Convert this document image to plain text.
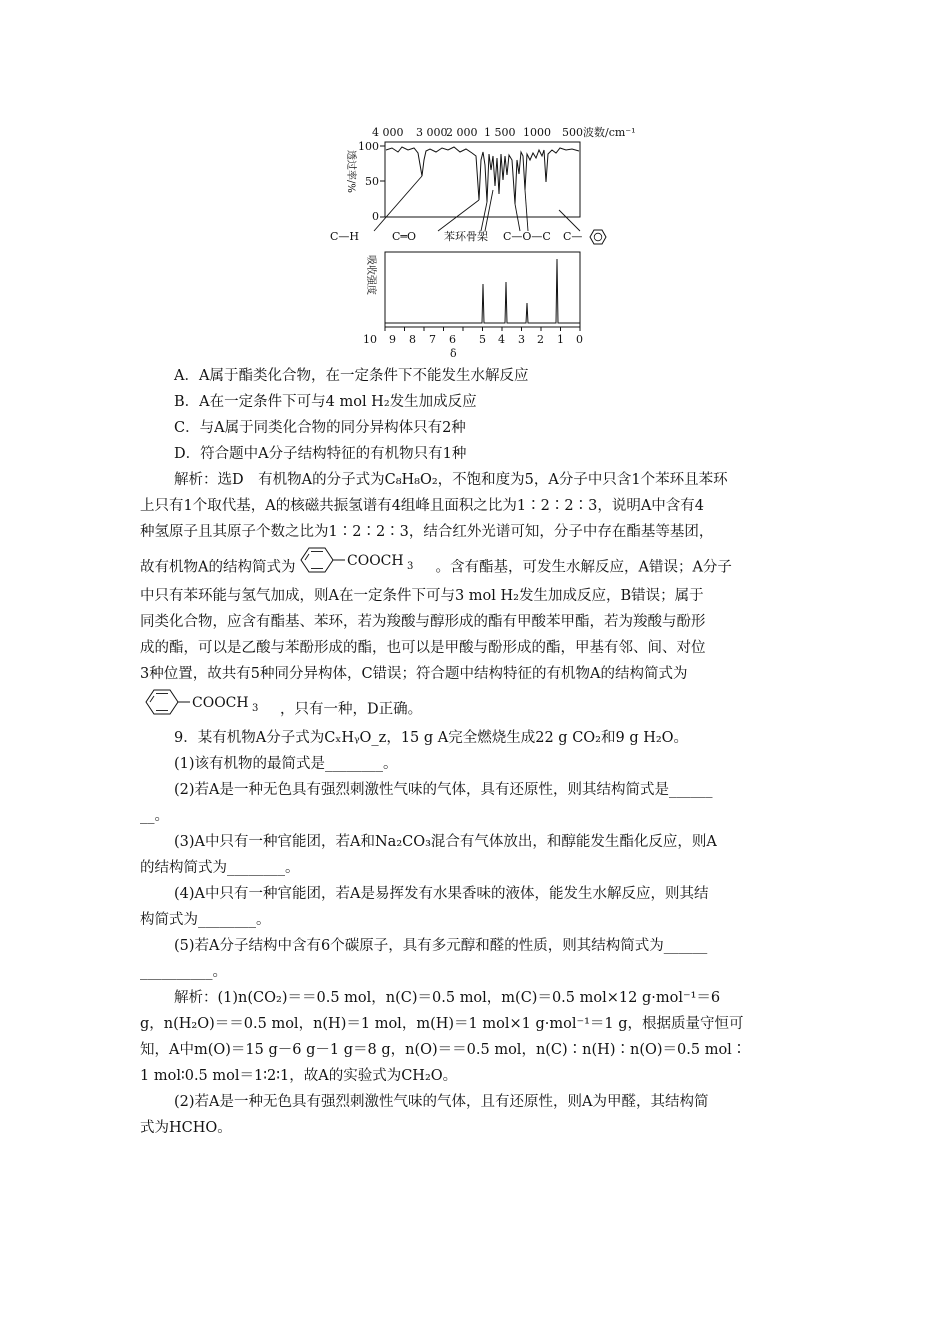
4 000 3 000
2 000 1 500 1000 500 波数/cm⁻¹
透过率/%
100
50
0
C—H	C═O	苯环骨架 C—O—C C—
吸收强度
10 9 8 7 6 5 4 3 2 1 0
δ

A．A属于酯类化合物，在一定条件下不能发生水解反应

B．A在一定条件下可与4 mol H₂发生加成反应

C．与A属于同类化合物的同分异构体只有2种

D．符合题中A分子结构特征的有机物只有1种

解析：选D　有机物A的分子式为C₈H₈O₂，不饱和度为5，A分子中只含1个苯环且苯环

上只有1个取代基，A的核磁共振氢谱有4组峰且面积之比为1∶2∶2∶3，说明A中含有4

种氢原子且其原子个数之比为1∶2∶2∶3，结合红外光谱可知，分子中存在酯基等基团，

故有机物A的结构简式为	COOCH 3 。含有酯基，可发生水解反应，A错误；A分子

中只有苯环能与氢气加成，则A在一定条件下可与3 mol H₂发生加成反应，B错误；属于

同类化合物，应含有酯基、苯环，若为羧酸与醇形成的酯有甲酸苯甲酯，若为羧酸与酚形

成的酯，可以是乙酸与苯酚形成的酯，也可以是甲酸与酚形成的酯，甲基有邻、间、对位

3种位置，故共有5种同分异构体，C错误；符合题中结构特征的有机物A的结构简式为

COOCH 3 ，只有一种，D正确。

9．某有机物A分子式为CₓHᵧO_z，15 g A完全燃烧生成22 g CO₂和9 g H₂O。

(1)该有机物的最简式是________。

(2)若A是一种无色具有强烈刺激性气味的气体，具有还原性，则其结构简式是______

__。

(3)A中只有一种官能团，若A和Na₂CO₃混合有气体放出，和醇能发生酯化反应，则A

的结构简式为________。

(4)A中只有一种官能团，若A是易挥发有水果香味的液体，能发生水解反应，则其结

构简式为________。

(5)若A分子结构中含有6个碳原子，具有多元醇和醛的性质，则其结构简式为______

__________。

解析：(1)n(CO₂)＝＝0.5 mol，n(C)＝0.5 mol，m(C)＝0.5 mol×12 g·mol⁻¹＝6

g，n(H₂O)＝＝0.5 mol，n(H)＝1 mol，m(H)＝1 mol×1 g·mol⁻¹＝1 g，根据质量守恒可

知，A中m(O)＝15 g－6 g－1 g＝8 g，n(O)＝＝0.5 mol，n(C)∶n(H)∶n(O)＝0.5 mol∶

1 mol∶0.5 mol＝1∶2∶1，故A的实验式为CH₂O。

(2)若A是一种无色具有强烈刺激性气味的气体，且有还原性，则A为甲醛，其结构简

式为HCHO。
